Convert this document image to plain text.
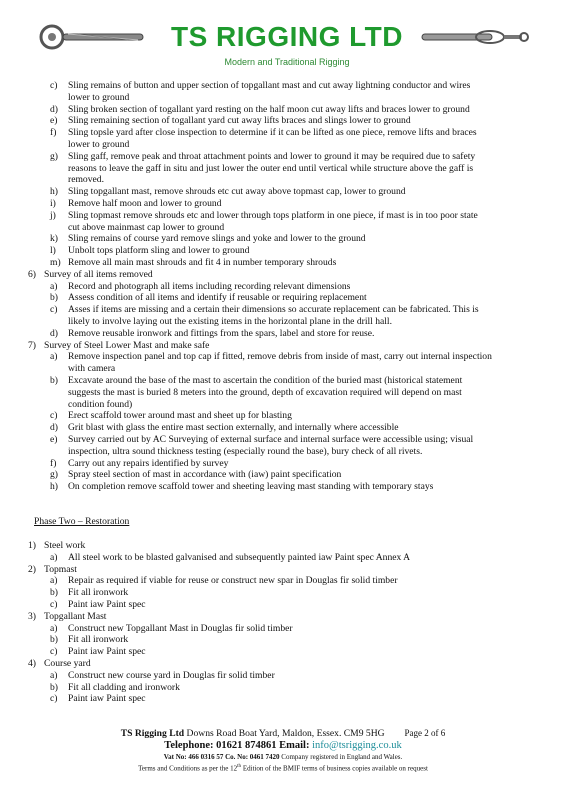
TS RIGGING LTD
Modern and Traditional Rigging
c) Sling remains of button and upper section of topgallant mast and cut away lightning conductor and wires
lower to ground
d) Sling broken section of togallant yard resting on the half moon cut away lifts and braces lower to ground
e) Sling remaining section of togallant yard cut away lifts braces and slings lower to ground
f) Sling topsle yard after close inspection to determine if it can be lifted as one piece, remove lifts and braces
lower to ground
g) Sling gaff, remove peak and throat attachment points and lower to ground it may be required due to safety
reasons to leave the gaff in situ and just lower the outer end until vertical while structure above the gaff is
removed.
h) Sling topgallant mast, remove shrouds etc cut away above topmast cap, lower to ground
i) Remove half moon and lower to ground
j) Sling topmast remove shrouds etc and lower through tops platform in one piece, if mast is in too poor state
cut above mainmast cap lower to ground
k) Sling remains of course yard remove slings and yoke and lower to the ground
l) Unbolt tops platform sling and lower to ground
m) Remove all main mast shrouds and fit 4 in number temporary shrouds
6) Survey of all items removed
a) Record and photograph all items including recording relevant dimensions
b) Assess condition of all items and identify if reusable or requiring replacement
c) Asses if items are missing and a certain their dimensions so accurate replacement can be fabricated. This is
likely to involve laying out the existing items in the horizontal plane in the drill hall.
d) Remove reusable ironwork and fittings from the spars, label and store for reuse.
7) Survey of Steel Lower Mast and make safe
a) Remove inspection panel and top cap if fitted, remove debris from inside of mast, carry out internal inspection
with camera
b) Excavate around the base of the mast to ascertain the condition of the buried mast (historical statement
suggests the mast is buried 8 meters into the ground, depth of excavation required will depend on mast
condition found)
c) Erect scaffold tower around mast and sheet up for blasting
d) Grit blast with glass the entire mast section externally, and internally where accessible
e) Survey carried out by AC Surveying of external surface and internal surface were accessible using; visual
inspection, ultra sound thickness testing (especially round the base), bury check of all rivets.
f) Carry out any repairs identified by survey
g) Spray steel section of mast in accordance with (iaw) paint specification
h) On completion remove scaffold tower and sheeting leaving mast standing with temporary stays
Phase Two – Restoration
1) Steel work
a) All steel work to be blasted galvanised and subsequently painted iaw Paint spec Annex A
2) Topmast
a) Repair as required if viable for reuse or construct new spar in Douglas fir solid timber
b) Fit all ironwork
c) Paint iaw Paint spec
3) Topgallant Mast
a) Construct new Topgallant Mast in Douglas fir solid timber
b) Fit all ironwork
c) Paint iaw Paint spec
4) Course yard
a) Construct new course yard in Douglas fir solid timber
b) Fit all cladding and ironwork
c) Paint iaw Paint spec
TS Rigging Ltd Downs Road Boat Yard, Maldon, Essex. CM9 5HG Page 2 of 6
Telephone: 01621 874861 Email: info@tsrigging.co.uk
Vat No: 466 0316 57 Co. No: 0461 7420 Company registered in England and Wales.
Terms and Conditions as per the 12th Edition of the BMIF terms of business copies available on request
